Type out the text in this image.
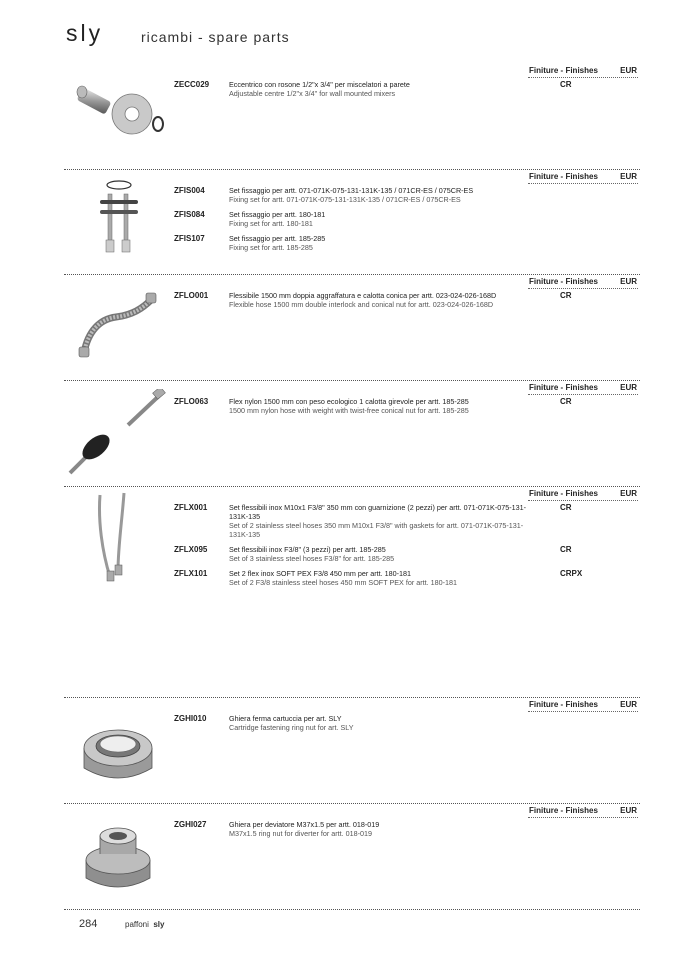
sly	ricambi - spare parts
Finiture - Finishes	EUR
ZECC029	Eccentrico con rosone 1/2"x 3/4" per miscelatori a parete
Adjustable centre 1/2"x 3/4" for wall mounted mixers
CR
Finiture - Finishes	EUR
ZFIS004	Set fissaggio per artt. 071-071K-075-131-131K-135 / 071CR-ES / 075CR-ES
Fixing set for artt. 071-071K-075-131-131K-135 / 071CR-ES / 075CR-ES
ZFIS084	Set fissaggio per artt. 180-181
Fixing set for artt. 180-181
ZFIS107	Set fissaggio per artt. 185-285
Fixing set for artt. 185-285
Finiture - Finishes	EUR
ZFLO001	Flessibile 1500 mm doppia aggraffatura e calotta conica per artt. 023-024-026-168D
Flexible hose 1500 mm double interlock and conical nut for artt. 023-024-026-168D
CR
Finiture - Finishes	EUR
ZFLO063	Flex nylon 1500 mm con peso ecologico 1 calotta girevole per artt. 185-285
1500 mm nylon hose with weight with twist-free conical nut for artt. 185-285
CR
Finiture - Finishes	EUR
ZFLX001	Set flessibili inox M10x1 F3/8" 350 mm con guarnizione (2 pezzi) per artt. 071-071K-075-131-131K-135
Set of 2 stainless steel hoses 350 mm M10x1 F3/8" with gaskets for artt. 071-071K-075-131-131K-135
CR
ZFLX095	Set flessibili inox F3/8" (3 pezzi) per artt. 185-285
Set of 3 stainless steel hoses F3/8" for artt. 185-285
CR
ZFLX101	Set 2 flex inox SOFT PEX F3/8 450 mm per artt. 180-181
Set of 2 F3/8 stainless steel hoses 450 mm SOFT PEX for artt. 180-181
CRPX
Finiture - Finishes	EUR
ZGHI010	Ghiera ferma cartuccia per art. SLY
Cartridge fastening ring nut for art. SLY
Finiture - Finishes	EUR
ZGHI027	Ghiera per deviatore M37x1.5 per artt. 018-019
M37x1.5 ring nut for diverter for artt. 018-019
284	paffoni sly
